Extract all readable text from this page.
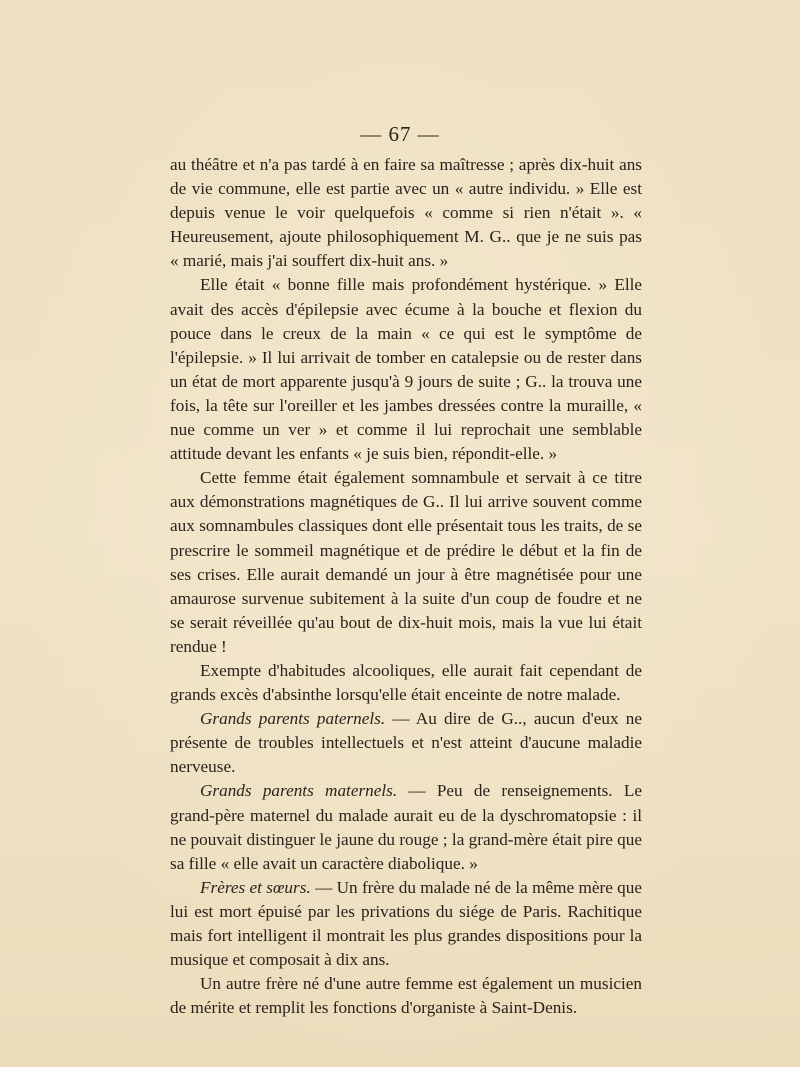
— 67 —

au théâtre et n'a pas tardé à en faire sa maîtresse ; après dix-huit ans de vie commune, elle est partie avec un « autre individu. » Elle est depuis venue le voir quelquefois « comme si rien n'était ». « Heureusement, ajoute philosophiquement M. G.. que je ne suis pas « marié, mais j'ai souffert dix-huit ans. »

Elle était « bonne fille mais profondément hystérique. » Elle avait des accès d'épilepsie avec écume à la bouche et flexion du pouce dans le creux de la main « ce qui est le symptôme de l'épilepsie. » Il lui arrivait de tomber en catalepsie ou de rester dans un état de mort apparente jusqu'à 9 jours de suite ; G.. la trouva une fois, la tête sur l'oreiller et les jambes dressées contre la muraille, « nue comme un ver » et comme il lui reprochait une semblable attitude devant les enfants « je suis bien, répondit-elle. »

Cette femme était également somnambule et servait à ce titre aux démonstrations magnétiques de G.. Il lui arrive souvent comme aux somnambules classiques dont elle présentait tous les traits, de se prescrire le sommeil magnétique et de prédire le début et la fin de ses crises. Elle aurait demandé un jour à être magnétisée pour une amaurose survenue subitement à la suite d'un coup de foudre et ne se serait réveillée qu'au bout de dix-huit mois, mais la vue lui était rendue !

Exempte d'habitudes alcooliques, elle aurait fait cependant de grands excès d'absinthe lorsqu'elle était enceinte de notre malade.

Grands parents paternels. — Au dire de G.., aucun d'eux ne présente de troubles intellectuels et n'est atteint d'aucune maladie nerveuse.

Grands parents maternels. — Peu de renseignements. Le grand-père maternel du malade aurait eu de la dyschromatopsie : il ne pouvait distinguer le jaune du rouge ; la grand-mère était pire que sa fille « elle avait un caractère diabolique. »

Frères et sœurs. — Un frère du malade né de la même mère que lui est mort épuisé par les privations du siége de Paris. Rachitique mais fort intelligent il montrait les plus grandes dispositions pour la musique et composait à dix ans.

Un autre frère né d'une autre femme est également un musicien de mérite et remplit les fonctions d'organiste à Saint-Denis.
